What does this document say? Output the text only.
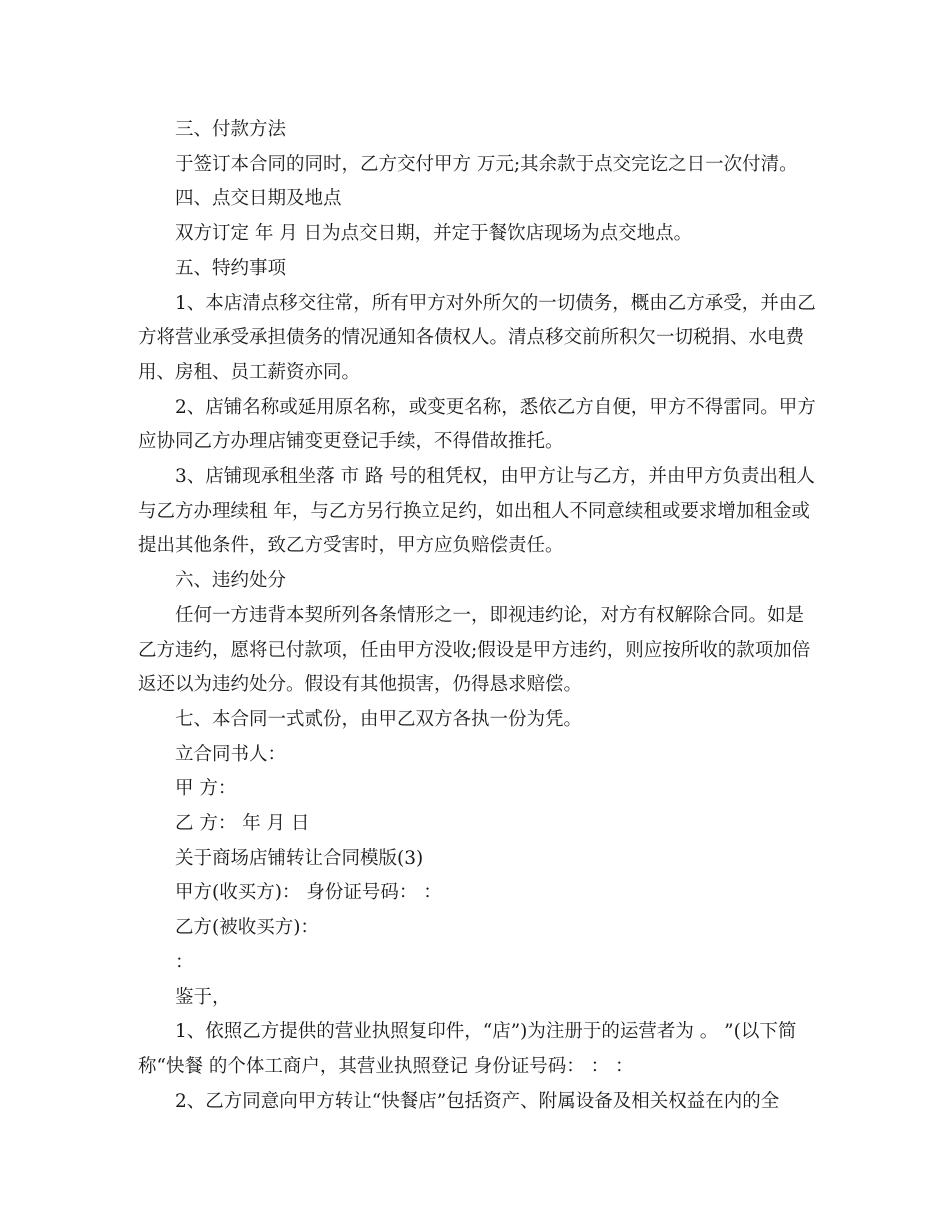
三、付款方法

于签订本合同的同时，乙方交付甲方 万元;其余款于点交完讫之日一次付清。

四、点交日期及地点

双方订定 年 月 日为点交日期，并定于餐饮店现场为点交地点。

五、特约事项

1、本店清点移交往常，所有甲方对外所欠的一切债务，概由乙方承受，并由乙方将营业承受承担债务的情况通知各债权人。清点移交前所积欠一切税捐、水电费用、房租、员工薪资亦同。

2、店铺名称或延用原名称，或变更名称，悉依乙方自便，甲方不得雷同。甲方应协同乙方办理店铺变更登记手续，不得借故推托。

3、店铺现承租坐落 市 路 号的租凭权，由甲方让与乙方，并由甲方负责出租人与乙方办理续租 年，与乙方另行换立足约，如出租人不同意续租或要求增加租金或提出其他条件，致乙方受害时，甲方应负赔偿责任。

六、违约处分

任何一方违背本契所列各条情形之一，即视违约论，对方有权解除合同。如是乙方违约，愿将已付款项，任由甲方没收;假设是甲方违约，则应按所收的款项加倍返还以为违约处分。假设有其他损害，仍得恳求赔偿。

七、本合同一式贰份，由甲乙双方各执一份为凭。

立合同书人：

甲 方：

乙 方： 年 月 日

关于商场店铺转让合同模版(3)

甲方(收买方)： 身份证号码： ：

乙方(被收买方)：

：

鉴于，

1、依照乙方提供的营业执照复印件，“店”)为注册于的运营者为 。 ”(以下简称“快餐 的个体工商户，其营业执照登记 身份证号码： ： ：

2、乙方同意向甲方转让“快餐店”包括资产、附属设备及相关权益在内的全
